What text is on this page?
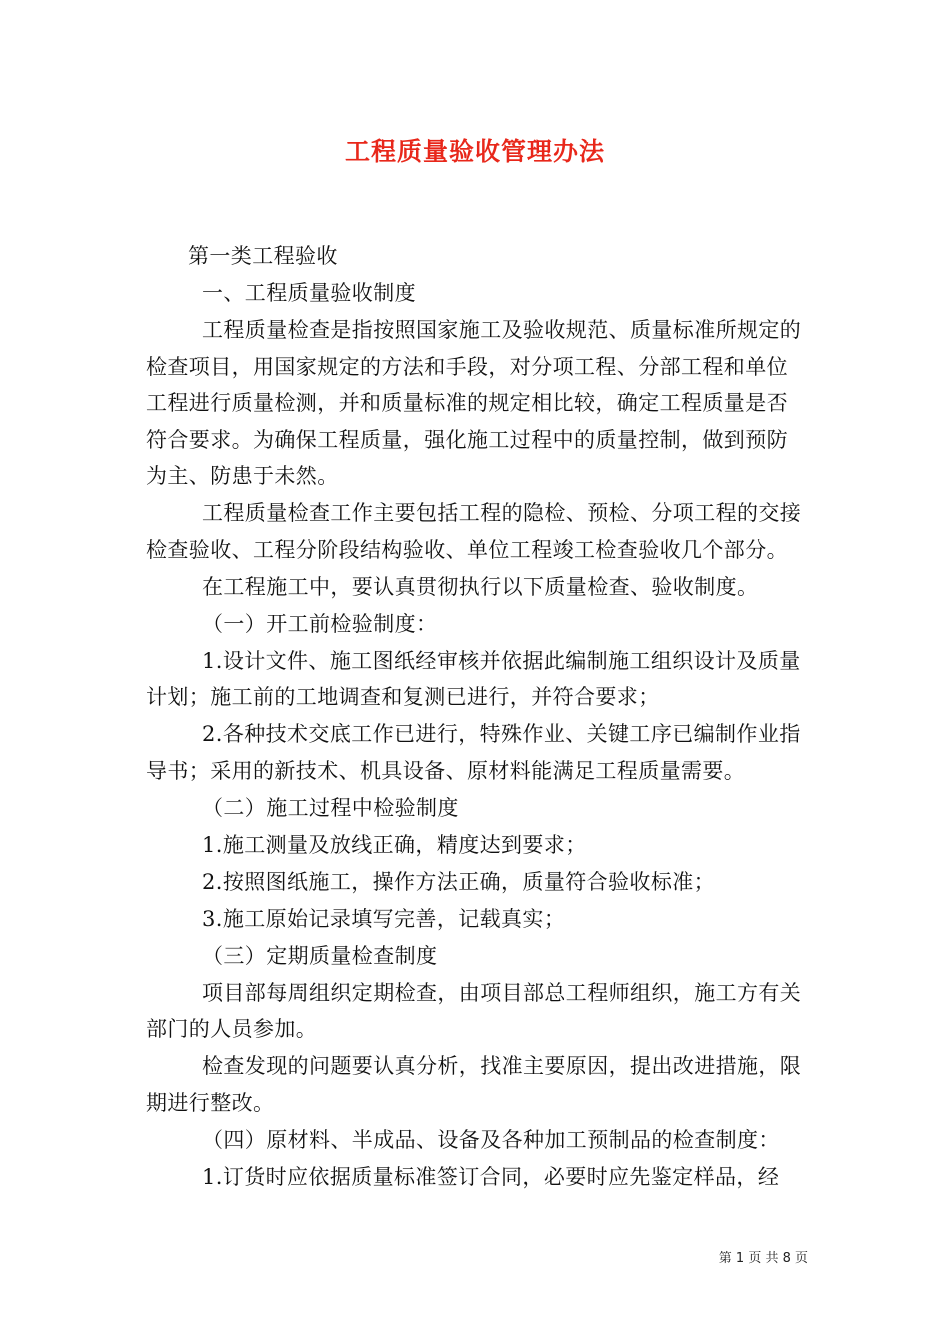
工程质量验收管理办法

第一类工程验收

一、工程质量验收制度

工程质量检查是指按照国家施工及验收规范、质量标准所规定的检查项目，用国家规定的方法和手段，对分项工程、分部工程和单位工程进行质量检测，并和质量标准的规定相比较，确定工程质量是否符合要求。为确保工程质量，强化施工过程中的质量控制，做到预防为主、防患于未然。

工程质量检查工作主要包括工程的隐检、预检、分项工程的交接检查验收、工程分阶段结构验收、单位工程竣工检查验收几个部分。

在工程施工中，要认真贯彻执行以下质量检查、验收制度。

（一）开工前检验制度：

1.设计文件、施工图纸经审核并依据此编制施工组织设计及质量计划；施工前的工地调查和复测已进行，并符合要求；

2.各种技术交底工作已进行，特殊作业、关键工序已编制作业指导书；采用的新技术、机具设备、原材料能满足工程质量需要。

（二）施工过程中检验制度

1.施工测量及放线正确，精度达到要求；

2.按照图纸施工，操作方法正确，质量符合验收标准；

3.施工原始记录填写完善，记载真实；

（三）定期质量检查制度

项目部每周组织定期检查，由项目部总工程师组织，施工方有关部门的人员参加。

检查发现的问题要认真分析，找准主要原因，提出改进措施，限期进行整改。

（四）原材料、半成品、设备及各种加工预制品的检查制度：

1.订货时应依据质量标准签订合同，必要时应先鉴定样品，经

第 1 页 共 8 页
